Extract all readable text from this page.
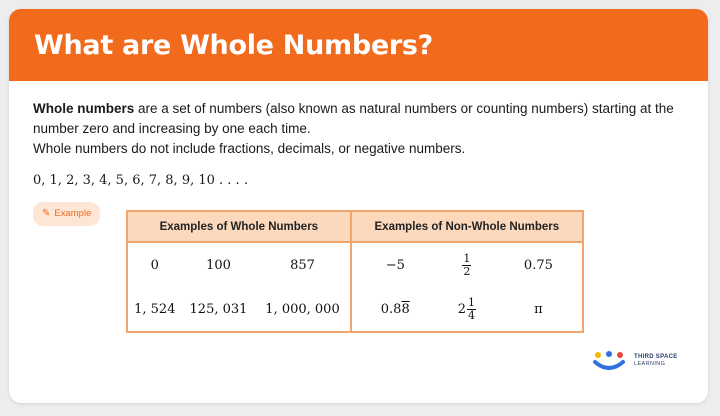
What are Whole Numbers?

Whole numbers are a set of numbers (also known as natural numbers or counting numbers) starting at the number zero and increasing by one each time.

Whole numbers do not include fractions, decimals, or negative numbers.

0, 1, 2, 3, 4, 5, 6, 7, 8, 9, 10 . . . .
✎ Example
Examples of Whole Numbers			Examples of Non-Whole Numbers		
0	100	857	−5	$\frac{1}{2}$	0.75
1, 524	125, 031	1, 000, 000	0.88	$2 \frac{1}{4}$	π
THIRD SPACE
LEARNING
